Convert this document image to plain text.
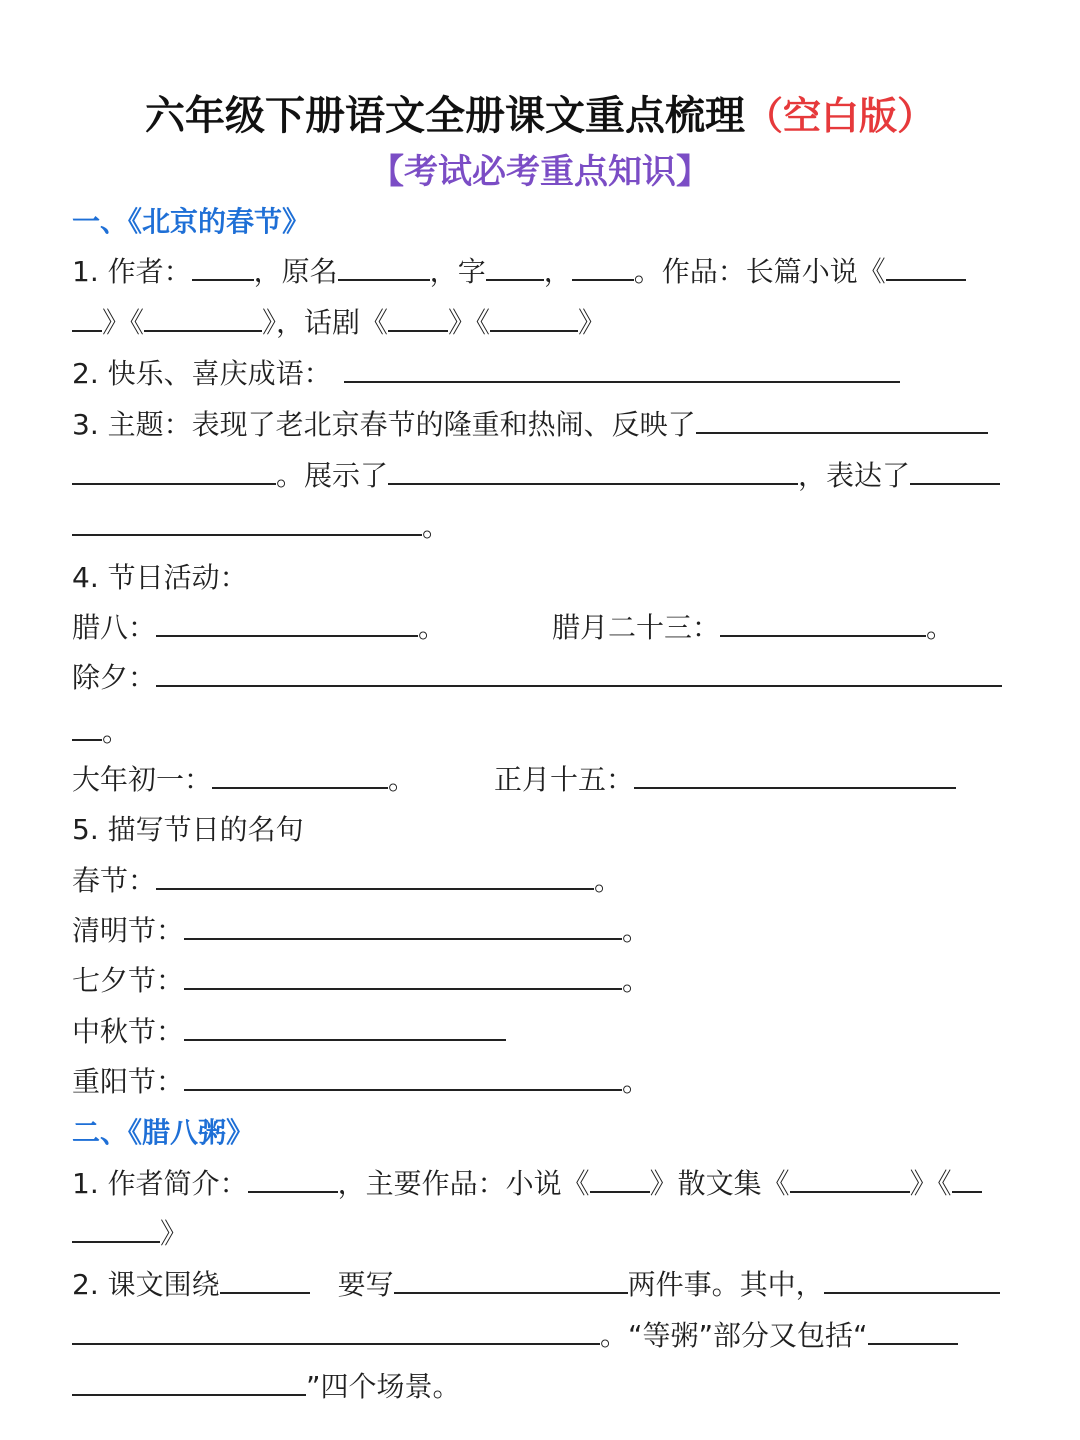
六年级下册语文全册课文重点梳理（空白版）
【考试必考重点知识】
一、《北京的春节》
1. 作者： ，原名	，字 ， 。作品：长篇小说《
》《	》，话剧《 》《	》
2. 快乐、喜庆成语：
3. 主题：表现了老北京春节的隆重和热闹、反映了
。展示了	，表达了
。
4. 节日活动：
腊八：	。	腊月二十三：	。
除夕：
。
大年初一：	。	正月十五：
5. 描写节日的名句
春节：	。
清明节：	。
七夕节：	。
中秋节：
重阳节：	。
二、《腊八粥》
1. 作者简介：	，主要作品：小说《 》散文集《	》《
》
2. 课文围绕	要写	两件事。其中，
。“等粥”部分又包括“
”四个场景。
